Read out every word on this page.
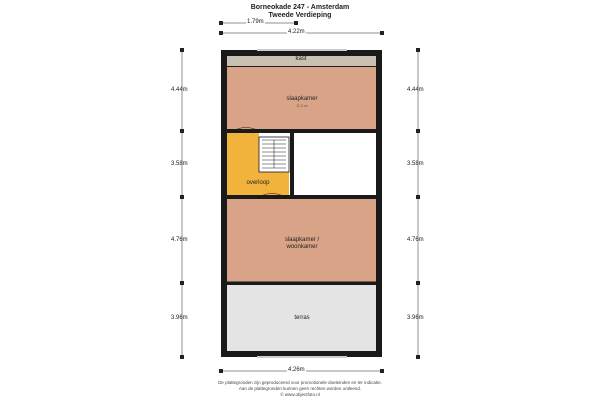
Borneokade 247 - Amsterdam
Tweede Verdieping
1.79m
4.22m
4.26m
4.44m
3.58m
4.76m
3.96m
4.44m
3.58m
4.76m
3.96m
kast
slaapkamer
11.0 m²
overloop
slaapkamer /
woonkamer
terras
De plattegronden zijn geproduceerd voor promotionele doeleinden en ter indicatie.
Aan de plattegronden kunnen geen rechten worden ontleend.
© www.objectfoto.nl
